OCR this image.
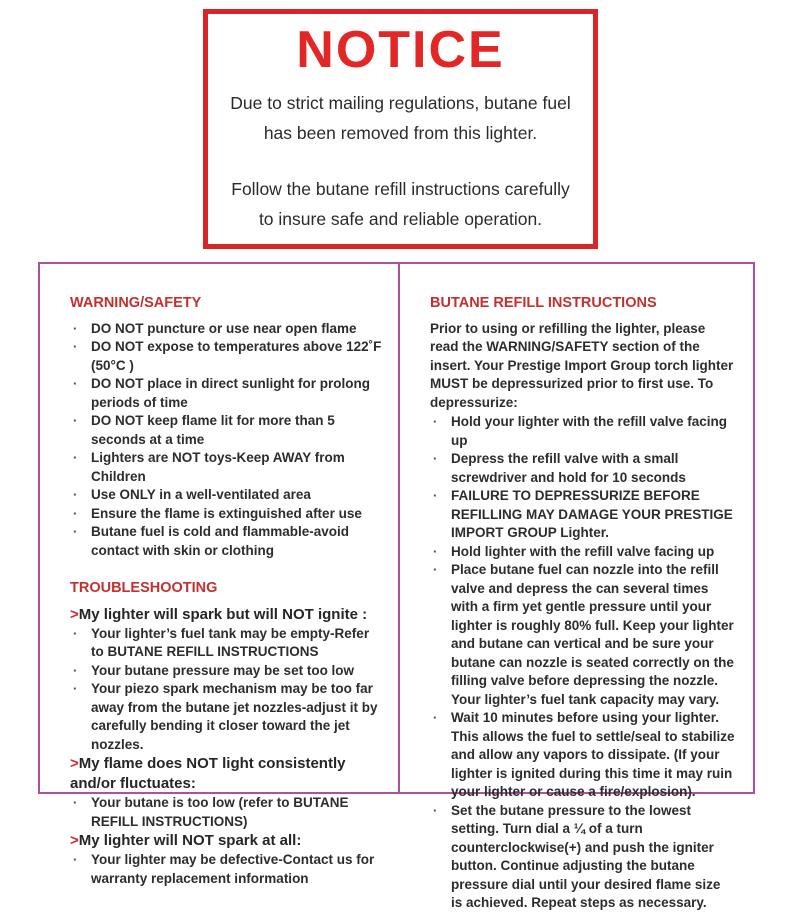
NOTICE
Due to strict mailing regulations, butane fuel has been removed from this lighter.
Follow the butane refill instructions carefully to insure safe and reliable operation.
WARNING/SAFETY
·	DO NOT puncture or use near open flame
·	DO NOT expose to temperatures above 122˚F (50°C )
·	DO NOT place in direct sunlight for prolong periods of time
·	DO NOT keep flame lit for more than 5 seconds at a time
·	Lighters are NOT toys-Keep AWAY from Children
·	Use ONLY in a well-ventilated area
·	Ensure the flame is extinguished after use
·	Butane fuel is cold and flammable-avoid contact with skin or clothing
TROUBLESHOOTING
>My lighter will spark but will NOT ignite :
·	Your lighter’s fuel tank may be empty-Refer to BUTANE REFILL INSTRUCTIONS
·	Your butane pressure may be set too low
·	Your piezo spark mechanism may be too far away from the butane jet nozzles-adjust it by carefully bending it closer toward the jet nozzles.
>My flame does NOT light consistently and/or fluctuates:
·	Your butane is too low (refer to BUTANE REFILL INSTRUCTIONS)
>My lighter will NOT spark at all:
·	Your lighter may be defective-Contact us for warranty replacement information
BUTANE REFILL INSTRUCTIONS
Prior to using or refilling the lighter, please read the WARNING/SAFETY section of the insert. Your Prestige Import Group torch lighter MUST be depressurized prior to first use. To depressurize:
·	Hold your lighter with the refill valve facing up
·	Depress the refill valve with a small screwdriver and hold for 10 seconds
·	FAILURE TO DEPRESSURIZE BEFORE REFILLING MAY DAMAGE YOUR PRESTIGE IMPORT GROUP Lighter.
·	Hold lighter with the refill valve facing up
·	Place butane fuel can nozzle into the refill valve and depress the can several times with a firm yet gentle pressure until your lighter is roughly 80% full. Keep your lighter and butane can vertical and be sure your butane can nozzle is seated correctly on the filling valve before depressing the nozzle. Your lighter’s fuel tank capacity may vary.
·	Wait 10 minutes before using your lighter. This allows the fuel to settle/seal to stabilize and allow any vapors to dissipate. (If your lighter is ignited during this time it may ruin your lighter or cause a fire/explosion).
·	Set the butane pressure to the lowest setting. Turn dial a ¼ of a turn counterclockwise(+) and push the igniter button. Continue adjusting the butane pressure dial until your desired flame size is achieved. Repeat steps as necessary.
